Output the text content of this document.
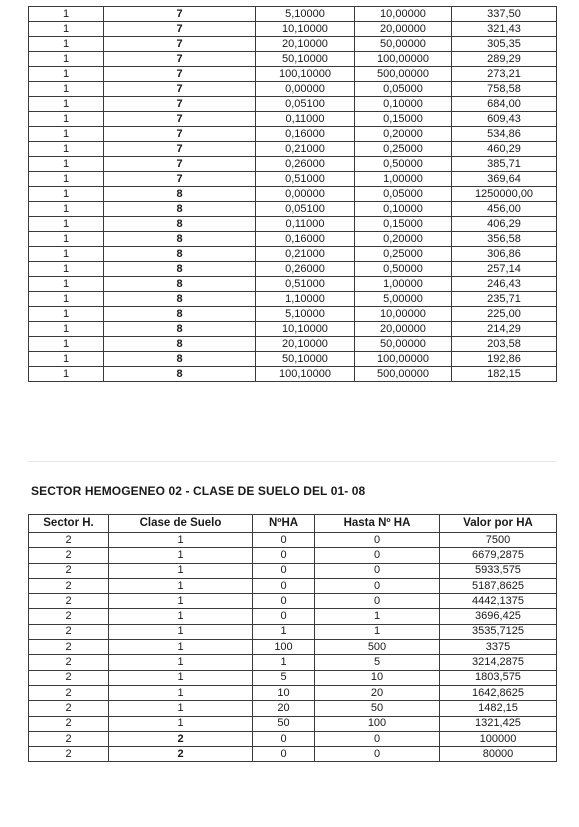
1	7	5,10000	10,00000	337,50
1	7	10,10000	20,00000	321,43
1	7	20,10000	50,00000	305,35
1	7	50,10000	100,00000	289,29
1	7	100,10000	500,00000	273,21
1	7	0,00000	0,05000	758,58
1	7	0,05100	0,10000	684,00
1	7	0,11000	0,15000	609,43
1	7	0,16000	0,20000	534,86
1	7	0,21000	0,25000	460,29
1	7	0,26000	0,50000	385,71
1	7	0,51000	1,00000	369,64
1	8	0,00000	0,05000	1250000,00
1	8	0,05100	0,10000	456,00
1	8	0,11000	0,15000	406,29
1	8	0,16000	0,20000	356,58
1	8	0,21000	0,25000	306,86
1	8	0,26000	0,50000	257,14
1	8	0,51000	1,00000	246,43
1	8	1,10000	5,00000	235,71
1	8	5,10000	10,00000	225,00
1	8	10,10000	20,00000	214,29
1	8	20,10000	50,00000	203,58
1	8	50,10000	100,00000	192,86
1	8	100,10000	500,00000	182,15
SECTOR HEMOGENEO 02 - CLASE DE SUELO DEL 01- 08
Sector H.	Clase de Suelo	NºHA	Hasta Nº HA	Valor por HA
2	1	0	0	7500
2	1	0	0	6679,2875
2	1	0	0	5933,575
2	1	0	0	5187,8625
2	1	0	0	4442,1375
2	1	0	1	3696,425
2	1	1	1	3535,7125
2	1	100	500	3375
2	1	1	5	3214,2875
2	1	5	10	1803,575
2	1	10	20	1642,8625
2	1	20	50	1482,15
2	1	50	100	1321,425
2	2	0	0	100000
2	2	0	0	80000
